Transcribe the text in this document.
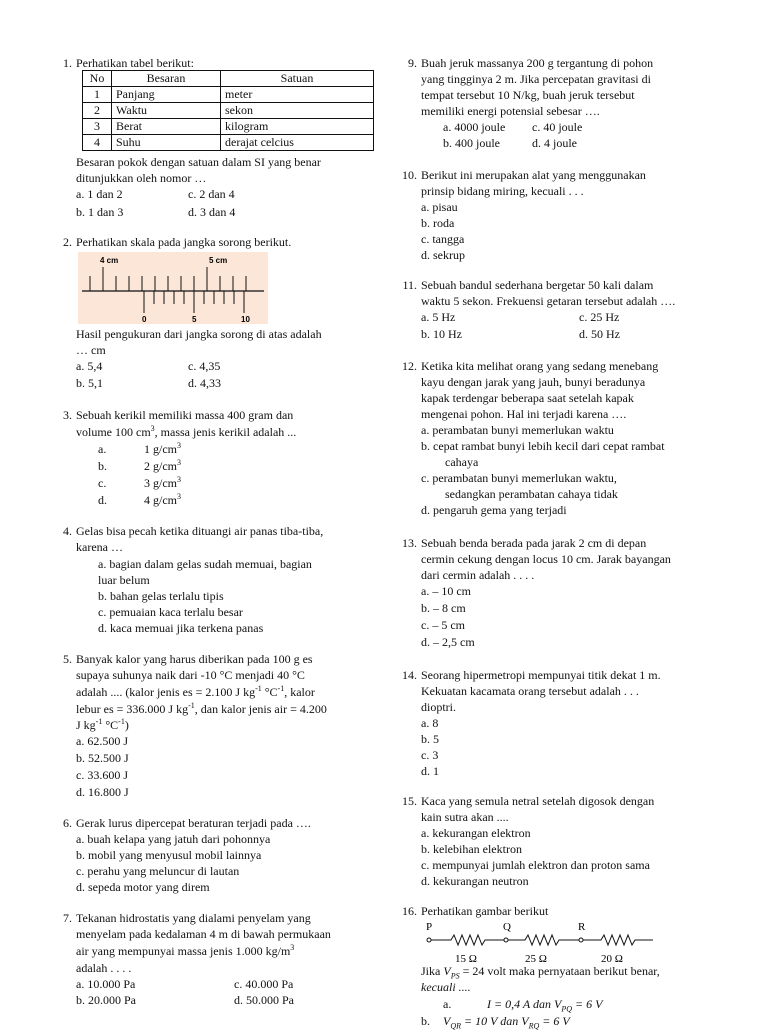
1. Perhatikan tabel berikut:
No	Besaran	Satuan
1	Panjang	meter
2	Waktu	sekon
3	Berat	kilogram
4	Suhu	derajat celcius
Besaran pokok dengan satuan dalam SI yang benar
ditunjukkan oleh nomor …
a. 1 dan 2	c. 2 dan 4
b. 1 dan 3	d. 3 dan 4
2. Perhatikan skala pada jangka sorong berikut.
4 cm	5 cm
0	5	10
Hasil pengukuran dari jangka sorong di atas adalah
… cm
a. 5,4	c. 4,35
b. 5,1	d. 4,33
3. Sebuah kerikil memiliki massa 400 gram dan
volume 100 $cm^3$, massa jenis kerikil adalah ...
a.	1 $g/cm^3$
b.	2 $g/cm^3$
c.	3 $g/cm^3$
d.	4 $g/cm^3$
4. Gelas bisa pecah ketika dituangi air panas tiba-tiba,
karena …
a. bagian dalam gelas sudah memuai, bagian
luar belum
b. bahan gelas terlalu tipis
c. pemuaian kaca terlalu besar
d. kaca memuai jika terkena panas
5. Banyak kalor yang harus diberikan pada 100 g es
supaya suhunya naik dari -10 °C menjadi 40 °C
adalah .... (kalor jenis es = 2.100 J $kg^{-1}$ $^\circ C^{-1}$, kalor
lebur es = 336.000 J $kg^{-1}$, dan kalor jenis air = 4.200
J $kg^{-1}$ $^\circ C^{-1}$)
a. 62.500 J
b. 52.500 J
c. 33.600 J
d. 16.800 J
6. Gerak lurus dipercepat beraturan terjadi pada ….
a. buah kelapa yang jatuh dari pohonnya
b. mobil yang menyusul mobil lainnya
c. perahu yang meluncur di lautan
d. sepeda motor yang direm
7. Tekanan hidrostatis yang dialami penyelam yang
menyelam pada kedalaman 4 m di bawah permukaan
air yang mempunyai massa jenis 1.000 $kg/m^3$
adalah . . . .
a. 10.000 Pa	c. 40.000 Pa
b. 20.000 Pa	d. 50.000 Pa
9. Buah jeruk massanya 200 g tergantung di pohon
yang tingginya 2 m. Jika percepatan gravitasi di
tempat tersebut 10 N/kg, buah jeruk tersebut
memiliki energi potensial sebesar ….
a. 4000 joule c. 40 joule
b. 400 joule	d. 4 joule
10. Berikut ini merupakan alat yang menggunakan
prinsip bidang miring, kecuali . . .
a. pisau
b. roda
c. tangga
d. sekrup
11. Sebuah bandul sederhana bergetar 50 kali dalam
waktu 5 sekon. Frekuensi getaran tersebut adalah ….
a. 5 Hz	c. 25 Hz
b. 10 Hz	d. 50 Hz
12. Ketika kita melihat orang yang sedang menebang
kayu dengan jarak yang jauh, bunyi beradunya
kapak terdengar beberapa saat setelah kapak
mengenai pohon. Hal ini terjadi karena ….
a. perambatan bunyi memerlukan waktu
b. cepat rambat bunyi lebih kecil dari cepat rambat
cahaya
c. perambatan bunyi memerlukan waktu,
sedangkan perambatan cahaya tidak
d. pengaruh gema yang terjadi
13. Sebuah benda berada pada jarak 2 cm di depan
cermin cekung dengan locus 10 cm. Jarak bayangan
dari cermin adalah . . . .
a. – 10 cm
b. – 8 cm
c. – 5 cm
d. – 2,5 cm
14. Seorang hipermetropi mempunyai titik dekat 1 m.
Kekuatan kacamata orang tersebut adalah . . .
dioptri.
a. 8
b. 5
c. 3
d. 1
15. Kaca yang semula netral setelah digosok dengan
kain sutra akan ....
a. kekurangan elektron
b. kelebihan elektron
c. mempunyai jumlah elektron dan proton sama
d. kekurangan neutron
16. Perhatikan gambar berikut
P	Q	R
15 Ω	25 Ω	20 Ω
Jika $V_{PS} = 24$ volt maka pernyataan berikut benar,
kecuali ....
a.	I = 0,4 A dan $V_{PQ} = 6$ V
b. $V_{QR} = 10$ V dan $V_{RQ} = 6$ V
